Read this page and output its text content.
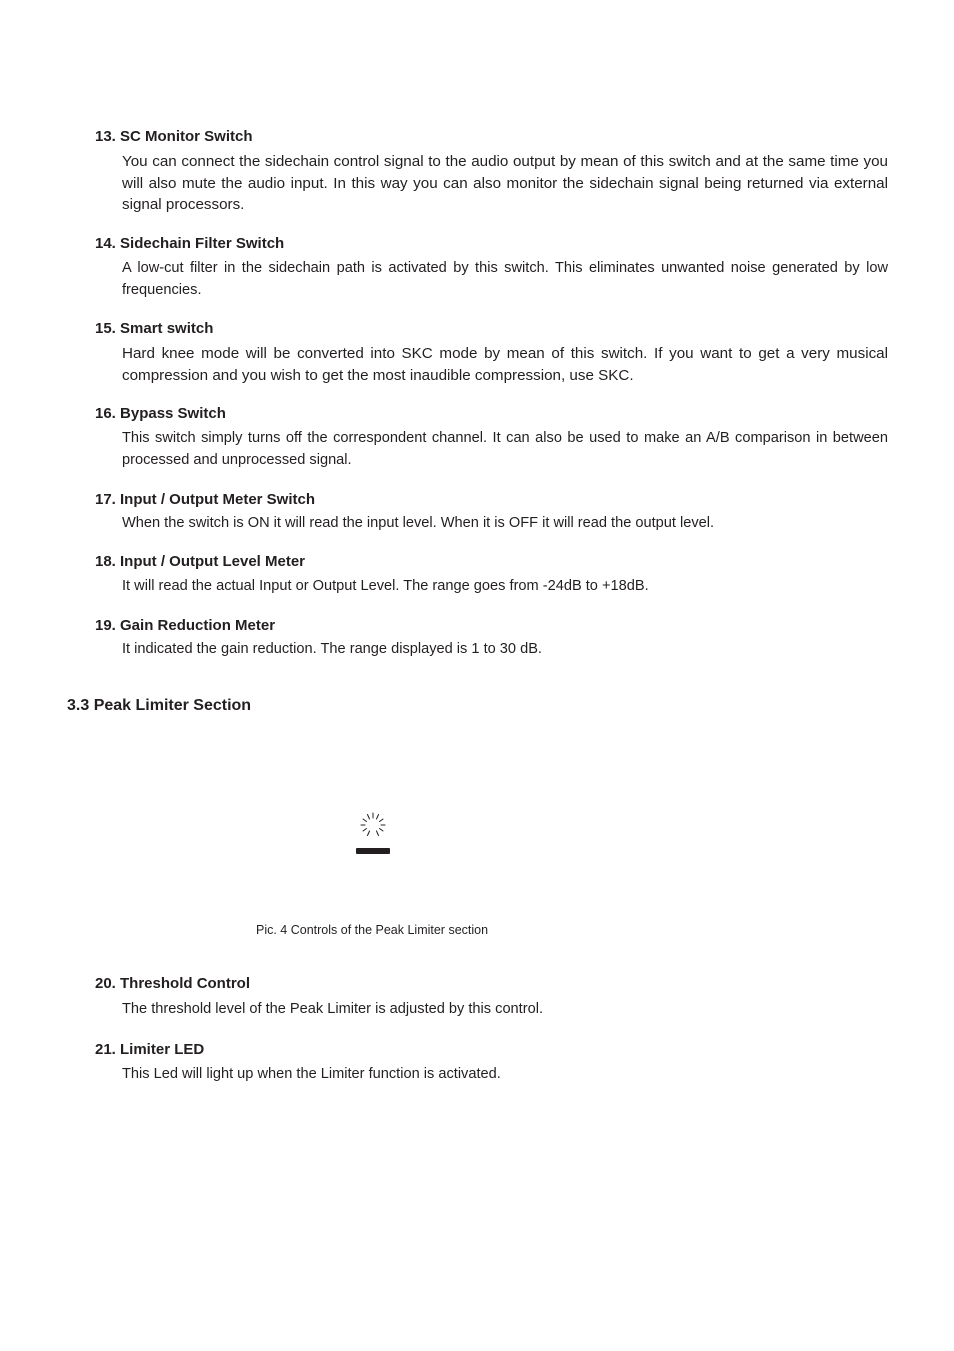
13. SC Monitor Switch

You can connect the sidechain control signal to the audio output by mean of this switch and at the same time you will also mute the audio input. In this way you can also monitor the sidechain signal being returned via external signal processors.

14. Sidechain Filter Switch

A low-cut filter in the sidechain path is activated by this switch. This eliminates unwanted noise generated by low frequencies.

15. Smart switch

Hard knee mode will be converted into SKC mode by mean of this switch. If you want to get a very musical compression and you wish to get the most inaudible compression, use SKC.

16. Bypass Switch

This switch simply turns off the correspondent channel. It can also be used to make an A/B comparison in between processed and unprocessed signal.

17. Input / Output Meter Switch

When the switch is ON it will read the input level. When it is OFF it will read the output level.

18. Input / Output Level Meter

It will read the actual Input or Output Level. The range goes from -24dB to +18dB.

19. Gain Reduction Meter

It indicated the gain reduction. The range displayed is 1 to 30 dB.

3.3 Peak Limiter Section

Pic. 4 Controls of the Peak Limiter section

20. Threshold Control

The threshold level of the Peak Limiter is adjusted by this control.

21. Limiter LED

This Led will light up when the Limiter function is activated.
